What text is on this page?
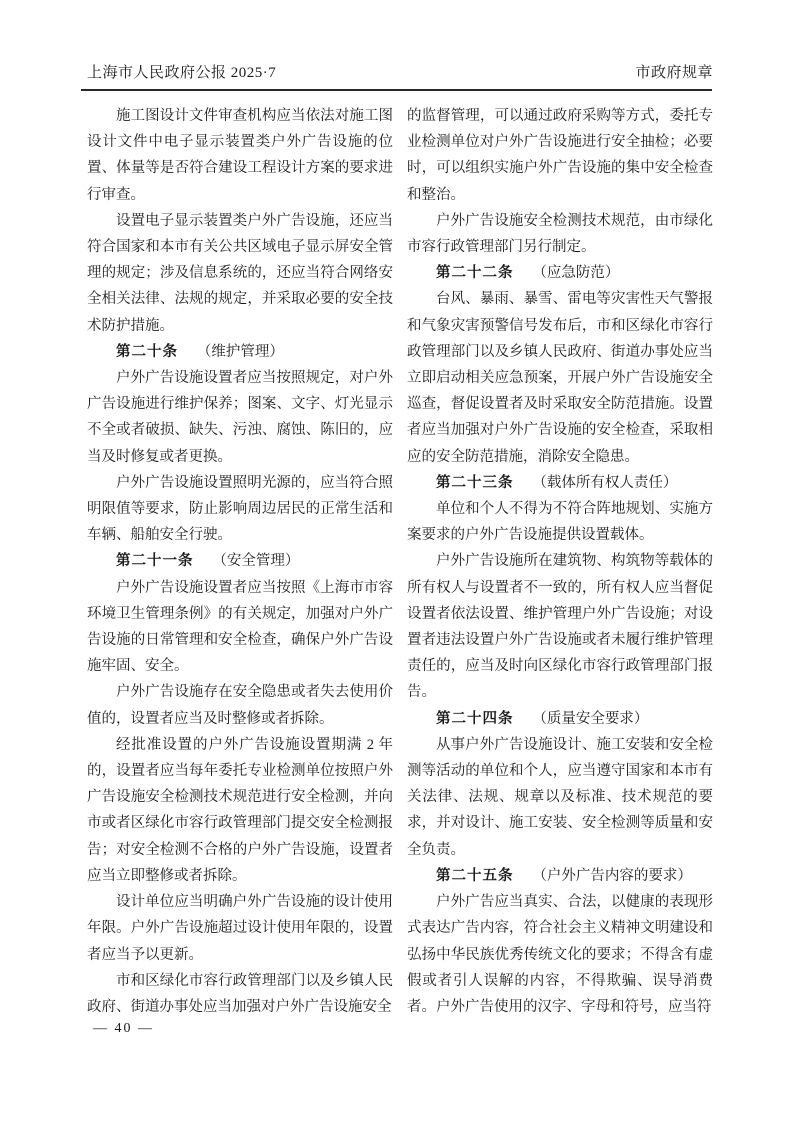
上海市人民政府公报 2025·7	市政府规章

施工图设计文件审查机构应当依法对施工图设计文件中电子显示装置类户外广告设施的位置、体量等是否符合建设工程设计方案的要求进行审查。

设置电子显示装置类户外广告设施，还应当符合国家和本市有关公共区域电子显示屏安全管理的规定；涉及信息系统的，还应当符合网络安全相关法律、法规的规定，并采取必要的安全技术防护措施。

第二十条 （维护管理）

户外广告设施设置者应当按照规定，对户外广告设施进行维护保养；图案、文字、灯光显示不全或者破损、缺失、污浊、腐蚀、陈旧的，应当及时修复或者更换。

户外广告设施设置照明光源的，应当符合照明限值等要求，防止影响周边居民的正常生活和车辆、船舶安全行驶。

第二十一条 （安全管理）

户外广告设施设置者应当按照《上海市市容环境卫生管理条例》的有关规定，加强对户外广告设施的日常管理和安全检查，确保户外广告设施牢固、安全。

户外广告设施存在安全隐患或者失去使用价值的，设置者应当及时整修或者拆除。

经批准设置的户外广告设施设置期满 2 年的，设置者应当每年委托专业检测单位按照户外广告设施安全检测技术规范进行安全检测，并向市或者区绿化市容行政管理部门提交安全检测报告；对安全检测不合格的户外广告设施，设置者应当立即整修或者拆除。

设计单位应当明确户外广告设施的设计使用年限。户外广告设施超过设计使用年限的，设置者应当予以更新。

市和区绿化市容行政管理部门以及乡镇人民政府、街道办事处应当加强对户外广告设施安全

的监督管理，可以通过政府采购等方式，委托专业检测单位对户外广告设施进行安全抽检；必要时，可以组织实施户外广告设施的集中安全检查和整治。

户外广告设施安全检测技术规范，由市绿化市容行政管理部门另行制定。

第二十二条 （应急防范）

台风、暴雨、暴雪、雷电等灾害性天气警报和气象灾害预警信号发布后，市和区绿化市容行政管理部门以及乡镇人民政府、街道办事处应当立即启动相关应急预案，开展户外广告设施安全巡查，督促设置者及时采取安全防范措施。设置者应当加强对户外广告设施的安全检查，采取相应的安全防范措施，消除安全隐患。

第二十三条 （载体所有权人责任）

单位和个人不得为不符合阵地规划、实施方案要求的户外广告设施提供设置载体。

户外广告设施所在建筑物、构筑物等载体的所有权人与设置者不一致的，所有权人应当督促设置者依法设置、维护管理户外广告设施；对设置者违法设置户外广告设施或者未履行维护管理责任的，应当及时向区绿化市容行政管理部门报告。

第二十四条 （质量安全要求）

从事户外广告设施设计、施工安装和安全检测等活动的单位和个人，应当遵守国家和本市有关法律、法规、规章以及标准、技术规范的要求，并对设计、施工安装、安全检测等质量和安全负责。

第二十五条 （户外广告内容的要求）

户外广告应当真实、合法，以健康的表现形式表达广告内容，符合社会主义精神文明建设和弘扬中华民族优秀传统文化的要求；不得含有虚假或者引人误解的内容，不得欺骗、误导消费者。户外广告使用的汉字、字母和符号，应当符

— 40 —
